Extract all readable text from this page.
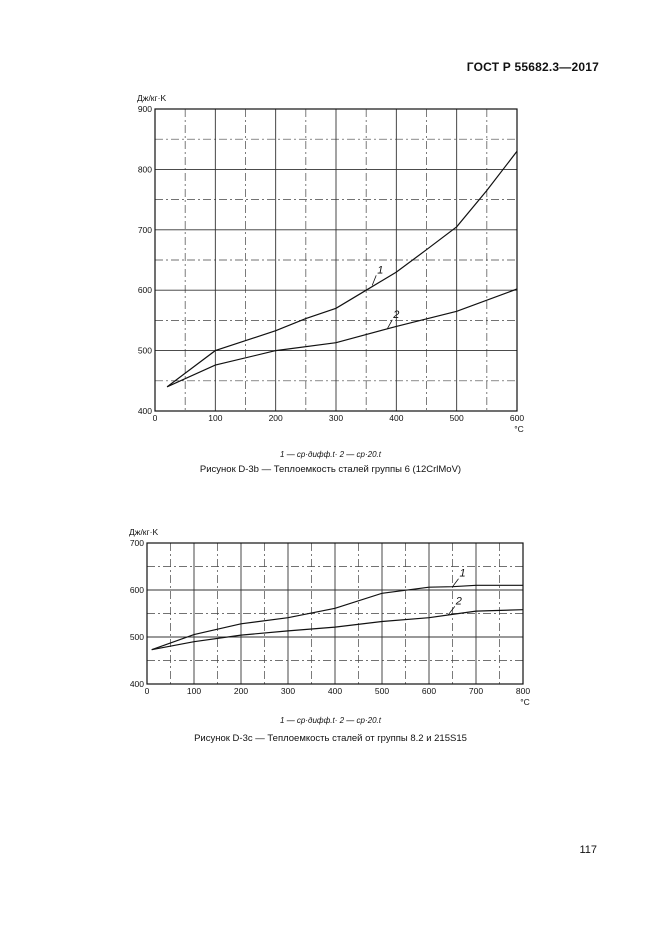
ГОСТ Р 55682.3—2017
0	100	200	300	400	500	600
400
500
600
700
800
900
Дж/кг·K
°C
1
2
1 — cp·дифф.t· 2 — cp·20.t
Рисунок D-3b — Теплоемкость сталей группы 6 (12CrlMoV)
0	100	200	300	400	500	600	700	800
400
500
600
700
Дж/кг·K
°C
1
2
1 — cp·дифф.t· 2 — cp·20.t
Рисунок D-3c — Теплоемкость сталей от группы 8.2 и 215S15
117
